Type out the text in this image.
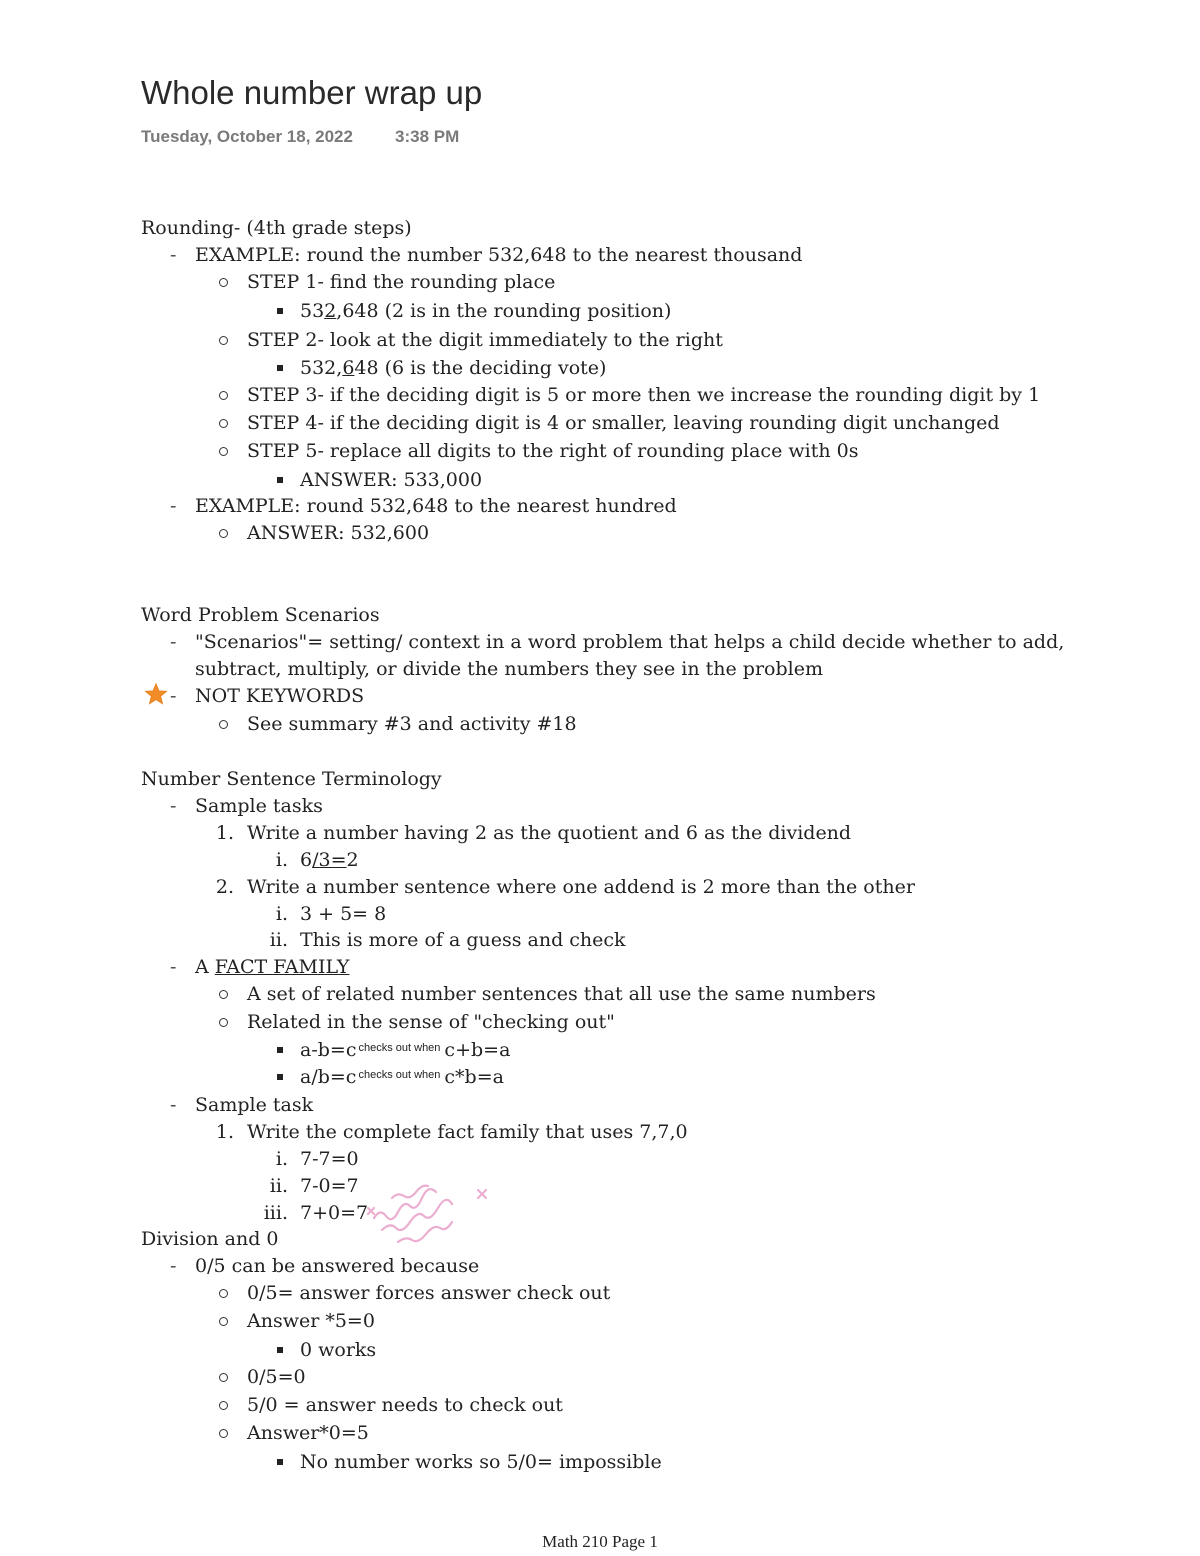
Whole number wrap up
Tuesday, October 18, 2022 3:38 PM
Rounding- (4th grade steps)
- EXAMPLE: round the number 532,648 to the nearest thousand
STEP 1- find the rounding place
532,648 (2 is in the rounding position)
STEP 2- look at the digit immediately to the right
532,648 (6 is the deciding vote)
STEP 3- if the deciding digit is 5 or more then we increase the rounding digit by 1
STEP 4- if the deciding digit is 4 or smaller, leaving rounding digit unchanged
STEP 5- replace all digits to the right of rounding place with 0s
ANSWER: 533,000
- EXAMPLE: round 532,648 to the nearest hundred
ANSWER: 532,600
Word Problem Scenarios
- "Scenarios"= setting/ context in a word problem that helps a child decide whether to add,
subtract, multiply, or divide the numbers they see in the problem
- NOT KEYWORDS
See summary #3 and activity #18
Number Sentence Terminology
- Sample tasks
1. Write a number having 2 as the quotient and 6 as the dividend
i. 6/3=2
2. Write a number sentence where one addend is 2 more than the other
i. 3 + 5= 8
ii. This is more of a guess and check
- A FACT FAMILY
A set of related number sentences that all use the same numbers
Related in the sense of "checking out"
a-b=c $^{checks out when}$ c+b=a
a/b=c $^{checks out when}$ c*b=a
- Sample task
1. Write the complete fact family that uses 7,7,0
i. 7-7=0
ii. 7-0=7
iii. 7+0=7
Division and 0
- 0/5 can be answered because
0/5= answer forces answer check out
Answer *5=0
0 works
0/5=0
5/0 = answer needs to check out
Answer*0=5
No number works so 5/0= impossible
Math 210 Page 1
